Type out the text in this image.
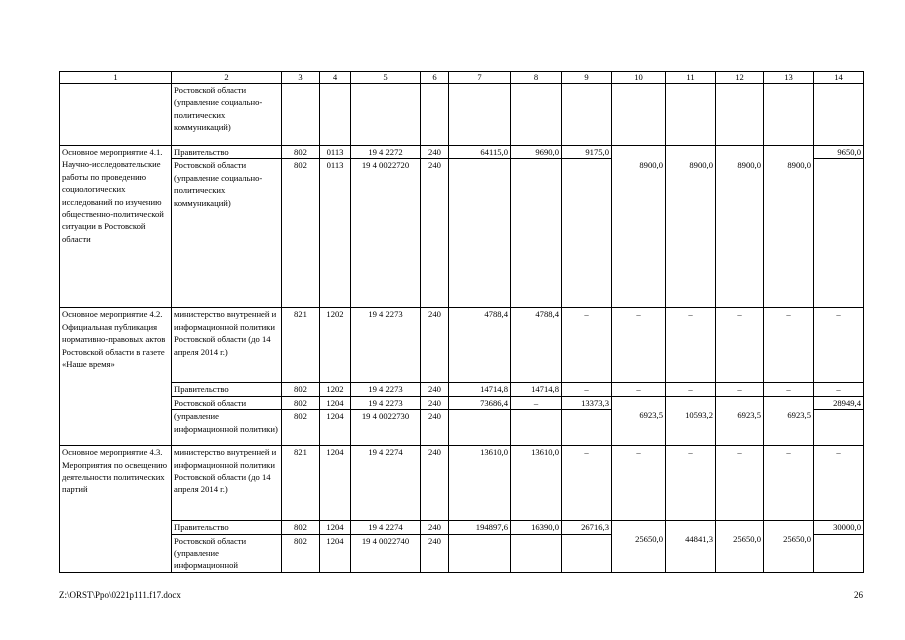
1	2	3	4	5	6	7	8	9	10	11	12	13	14
	Ростовской области (управление социально-политических коммуникаций)												
Основное мероприятие 4.1. Научно-исследовательские работы по проведению социологических исследований по изучению общественно-политической ситуации в Ростовской области	Правительство	802	0113	19 4 2272	240	64115,0	9690,0	9175,0	8900,0	8900,0	8900,0	8900,0	9650,0
	Ростовской области (управление социально-политических коммуникаций)	802	0113	19 4 0022720	240								
Основное мероприятие 4.2. Официальная публикация нормативно-правовых актов Ростовской области в газете «Наше время»	министерство внутренней и информационной политики Ростовской области (до 14 апреля 2014 г.)	821	1202	19 4 2273	240	4788,4	4788,4	–	–	–	–	–	–
	Правительство	802	1202	19 4 2273	240	14714,8	14714,8	–	–	–	–	–	–
	Ростовской области	802	1204	19 4 2273	240	73686,4	–	13373,3	6923,5	10593,2	6923,5	6923,5	28949,4
	(управление информационной политики)	802	1204	19 4 0022730	240								
Основное мероприятие 4.3. Мероприятия по освещению деятельности политических партий	министерство внутренней и информационной политики Ростовской области (до 14 апреля 2014 г.)	821	1204	19 4 2274	240	13610,0	13610,0	–	–	–	–	–	–
	Правительство	802	1204	19 4 2274	240	194897,6	16390,0	26716,3	25650,0	44841,3	25650,0	25650,0	30000,0
	Ростовской области (управление информационной	802	1204	19 4 0022740	240								
Z:\ORST\Ppo\0221p111.f17.docx	26
